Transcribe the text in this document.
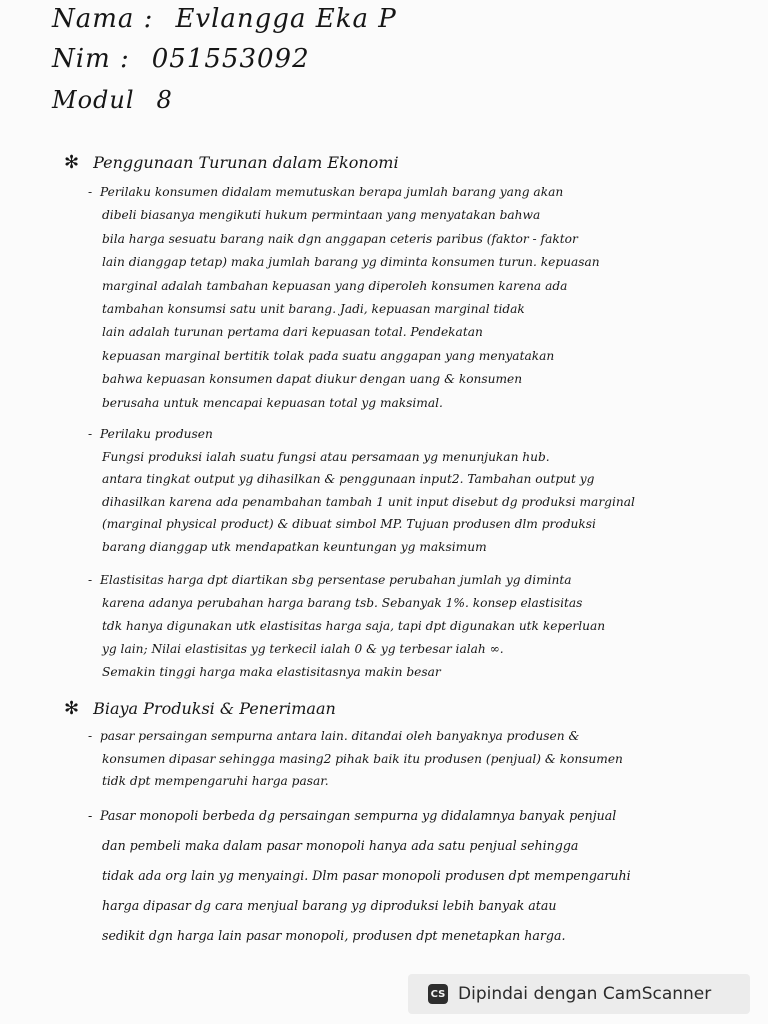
Nama : Evlangga Eka P
Nim : 051553092
Modul 8
✻ Penggunaan Turunan dalam Ekonomi
- Perilaku konsumen didalam memutuskan berapa jumlah barang yang akan
dibeli biasanya mengikuti hukum permintaan yang menyatakan bahwa
bila harga sesuatu barang naik dgn anggapan ceteris paribus (faktor - faktor
lain dianggap tetap) maka jumlah barang yg diminta konsumen turun. kepuasan
marginal adalah tambahan kepuasan yang diperoleh konsumen karena ada
tambahan konsumsi satu unit barang. Jadi, kepuasan marginal tidak
lain adalah turunan pertama dari kepuasan total. Pendekatan
kepuasan marginal bertitik tolak pada suatu anggapan yang menyatakan
bahwa kepuasan konsumen dapat diukur dengan uang & konsumen
berusaha untuk mencapai kepuasan total yg maksimal.
- Perilaku produsen
Fungsi produksi ialah suatu fungsi atau persamaan yg menunjukan hub.
antara tingkat output yg dihasilkan & penggunaan input2. Tambahan output yg
dihasilkan karena ada penambahan tambah 1 unit input disebut dg produksi marginal
(marginal physical product) & dibuat simbol MP. Tujuan produsen dlm produksi
barang dianggap utk mendapatkan keuntungan yg maksimum
- Elastisitas harga dpt diartikan sbg persentase perubahan jumlah yg diminta
karena adanya perubahan harga barang tsb. Sebanyak 1%. konsep elastisitas
tdk hanya digunakan utk elastisitas harga saja, tapi dpt digunakan utk keperluan
yg lain; Nilai elastisitas yg terkecil ialah 0 & yg terbesar ialah ∞.
Semakin tinggi harga maka elastisitasnya makin besar
✻ Biaya Produksi & Penerimaan
- pasar persaingan sempurna antara lain. ditandai oleh banyaknya produsen &
konsumen dipasar sehingga masing2 pihak baik itu produsen (penjual) & konsumen
tidk dpt mempengaruhi harga pasar.
- Pasar monopoli berbeda dg persaingan sempurna yg didalamnya banyak penjual
dan pembeli maka dalam pasar monopoli hanya ada satu penjual sehingga
tidak ada org lain yg menyaingi. Dlm pasar monopoli produsen dpt mempengaruhi
harga dipasar dg cara menjual barang yg diproduksi lebih banyak atau
sedikit dgn harga lain pasar monopoli, produsen dpt menetapkan harga.
CS Dipindai dengan CamScanner
